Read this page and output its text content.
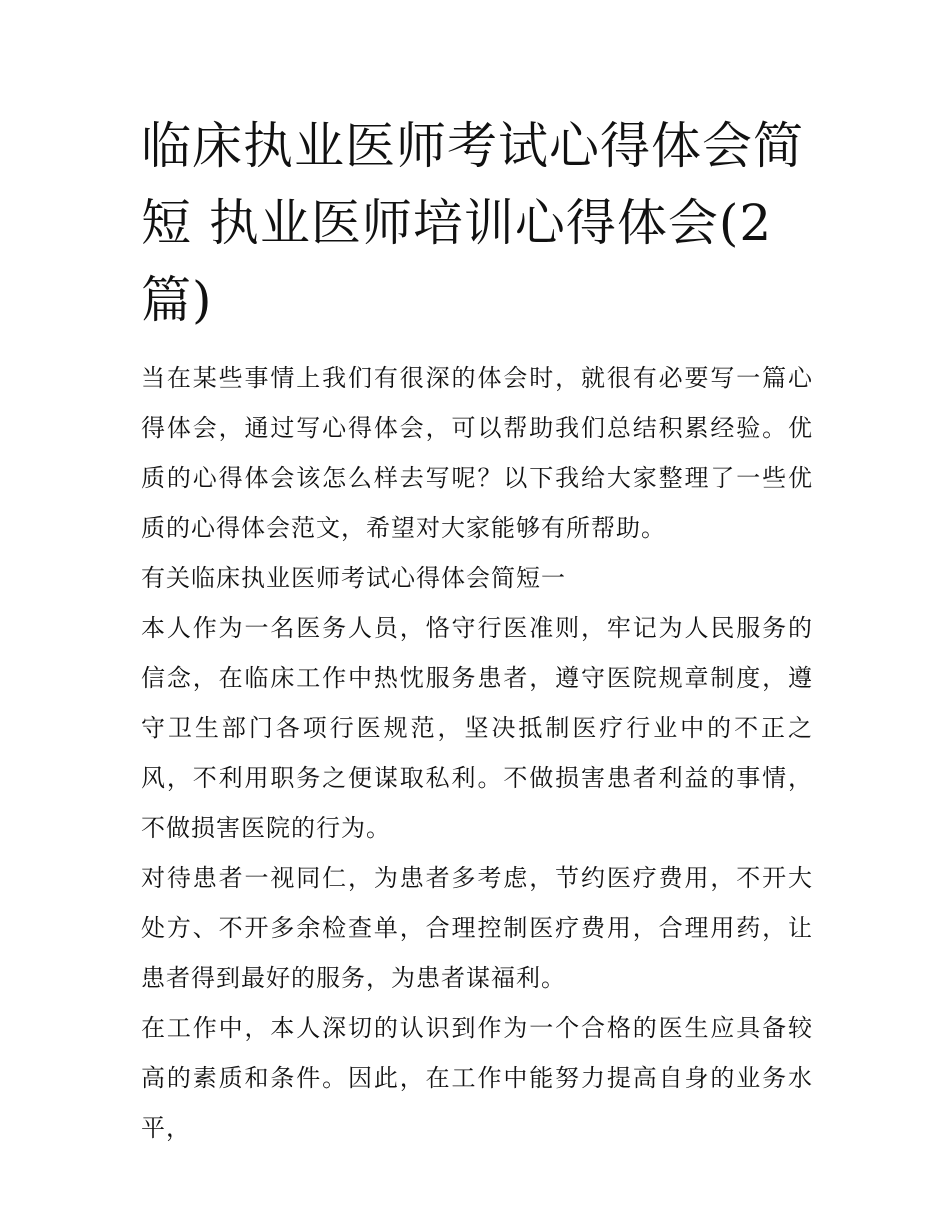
临床执业医师考试心得体会简短 执业医师培训心得体会(2篇)

当在某些事情上我们有很深的体会时，就很有必要写一篇心得体会，通过写心得体会，可以帮助我们总结积累经验。优质的心得体会该怎么样去写呢？以下我给大家整理了一些优质的心得体会范文，希望对大家能够有所帮助。

有关临床执业医师考试心得体会简短一

本人作为一名医务人员，恪守行医准则，牢记为人民服务的信念，在临床工作中热忱服务患者，遵守医院规章制度，遵守卫生部门各项行医规范，坚决抵制医疗行业中的不正之风，不利用职务之便谋取私利。不做损害患者利益的事情，不做损害医院的行为。

对待患者一视同仁，为患者多考虑，节约医疗费用，不开大处方、不开多余检查单，合理控制医疗费用，合理用药，让患者得到最好的服务，为患者谋福利。

在工作中，本人深切的认识到作为一个合格的医生应具备较高的素质和条件。因此，在工作中能努力提高自身的业务水平，
